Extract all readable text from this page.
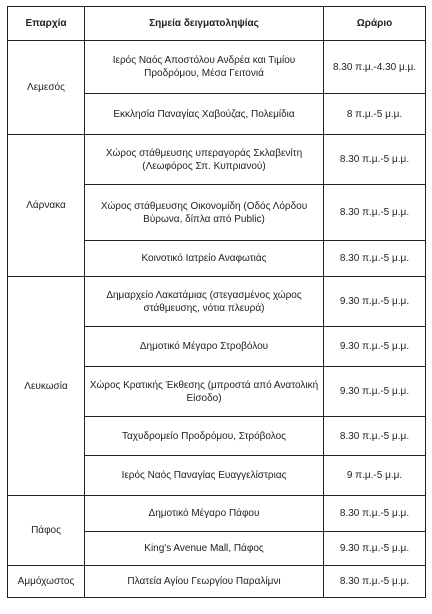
Επαρχία	Σημεία δειγματοληψίας	Ωράριο
Λεμεσός	Ιερός Ναός Αποστόλου Ανδρέα και Τιμίου Προδρόμου, Μέσα Γειτονιά	8.30 π.μ.-4.30 μ.μ.
	Εκκλησία Παναγίας Χαβούζας, Πολεμίδια	8 π.μ.-5 μ.μ.
Λάρνακα	Χώρος στάθμευσης υπεραγοράς Σκλαβενίτη (Λεωφόρος Σπ. Κυπριανού)	8.30 π.μ.-5 μ.μ.
	Χώρος στάθμευσης Οικονομίδη (Οδός Λόρδου Βύρωνα, δίπλα από Public)	8.30 π.μ.-5 μ.μ.
	Κοινοτικό Ιατρείο Αναφωτιάς	8.30 π.μ.-5 μ.μ.
Λευκωσία	Δημαρχείο Λακατάμιας (στεγασμένος χώρος στάθμευσης, νότια πλευρά)	9.30 π.μ.-5 μ.μ.
	Δημοτικό Μέγαρο Στροβόλου	9.30 π.μ.-5 μ.μ.
	Χώρος Κρατικής Έκθεσης (μπροστά από Ανατολική Είσοδο)	9.30 π.μ.-5 μ.μ.
	Ταχυδρομείο Προδρόμου, Στρόβολος	8.30 π.μ.-5 μ.μ.
	Ιερός Ναός Παναγίας Ευαγγελίστριας	9 π.μ.-5 μ.μ.
Πάφος	Δημοτικό Μέγαρο Πάφου	8.30 π.μ.-5 μ.μ.
	King's Avenue Mall, Πάφος	9.30 π.μ.-5 μ.μ.
Αμμόχωστος	Πλατεία Αγίου Γεωργίου Παραλίμνι	8.30 π.μ.-5 μ.μ.
